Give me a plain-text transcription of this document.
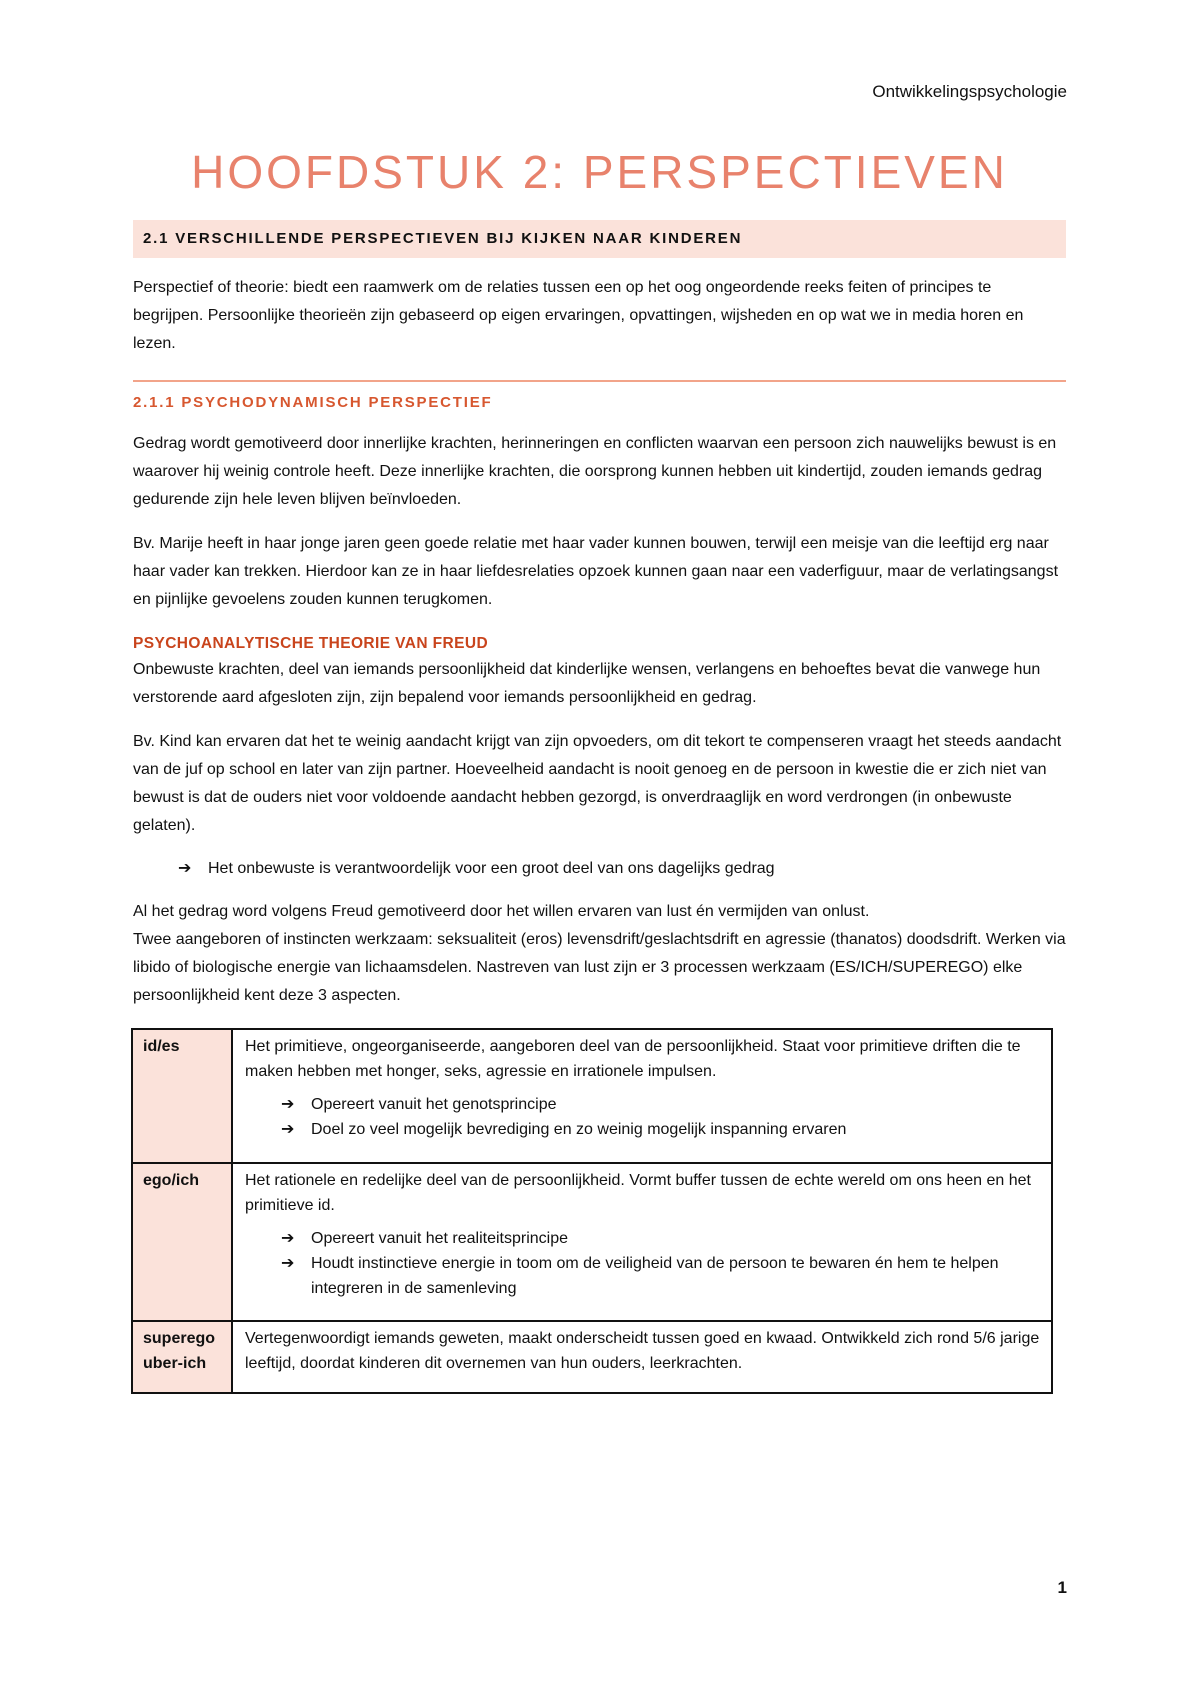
Ontwikkelingspsychologie
HOOFDSTUK 2: PERSPECTIEVEN
2.1 VERSCHILLENDE PERSPECTIEVEN BIJ KIJKEN NAAR KINDEREN

Perspectief of theorie: biedt een raamwerk om de relaties tussen een op het oog ongeordende reeks feiten of principes te begrijpen. Persoonlijke theorieën zijn gebaseerd op eigen ervaringen, opvattingen, wijsheden en op wat we in media horen en lezen.

2.1.1 PSYCHODYNAMISCH PERSPECTIEF

Gedrag wordt gemotiveerd door innerlijke krachten, herinneringen en conflicten waarvan een persoon zich nauwelijks bewust is en waarover hij weinig controle heeft. Deze innerlijke krachten, die oorsprong kunnen hebben uit kindertijd, zouden iemands gedrag gedurende zijn hele leven blijven beïnvloeden.

Bv. Marije heeft in haar jonge jaren geen goede relatie met haar vader kunnen bouwen, terwijl een meisje van die leeftijd erg naar haar vader kan trekken. Hierdoor kan ze in haar liefdesrelaties opzoek kunnen gaan naar een vaderfiguur, maar de verlatingsangst en pijnlijke gevoelens zouden kunnen terugkomen.

PSYCHOANALYTISCHE THEORIE VAN FREUD

Onbewuste krachten, deel van iemands persoonlijkheid dat kinderlijke wensen, verlangens en behoeftes bevat die vanwege hun verstorende aard afgesloten zijn, zijn bepalend voor iemands persoonlijkheid en gedrag.

Bv. Kind kan ervaren dat het te weinig aandacht krijgt van zijn opvoeders, om dit tekort te compenseren vraagt het steeds aandacht van de juf op school en later van zijn partner. Hoeveelheid aandacht is nooit genoeg en de persoon in kwestie die er zich niet van bewust is dat de ouders niet voor voldoende aandacht hebben gezorgd, is onverdraaglijk en word verdrongen (in onbewuste gelaten).

➔ Het onbewuste is verantwoordelijk voor een groot deel van ons dagelijks gedrag

Al het gedrag word volgens Freud gemotiveerd door het willen ervaren van lust én vermijden van onlust.
Twee aangeboren of instincten werkzaam: seksualiteit (eros) levensdrift/geslachtsdrift en agressie (thanatos) doodsdrift. Werken via libido of biologische energie van lichaamsdelen. Nastreven van lust zijn er 3 processen werkzaam (ES/ICH/SUPEREGO) elke persoonlijkheid kent deze 3 aspecten.

id/es	Het primitieve, ongeorganiseerde, aangeboren deel van de persoonlijkheid. Staat voor primitieve driften die te maken hebben met honger, seks, agressie en irrationele impulsen.
➔ Opereert vanuit het genotsprincipe
➔ Doel zo veel mogelijk bevrediging en zo weinig mogelijk inspanning ervaren

ego/ich	Het rationele en redelijke deel van de persoonlijkheid. Vormt buffer tussen de echte wereld om ons heen en het primitieve id.
➔ Opereert vanuit het realiteitsprincipe
➔ Houdt instinctieve energie in toom om de veiligheid van de persoon te bewaren én hem te helpen integreren in de samenleving

superego
uber-ich	Vertegenwoordigt iemands geweten, maakt onderscheidt tussen goed en kwaad. Ontwikkeld zich rond 5/6 jarige leeftijd, doordat kinderen dit overnemen van hun ouders, leerkrachten.
1
